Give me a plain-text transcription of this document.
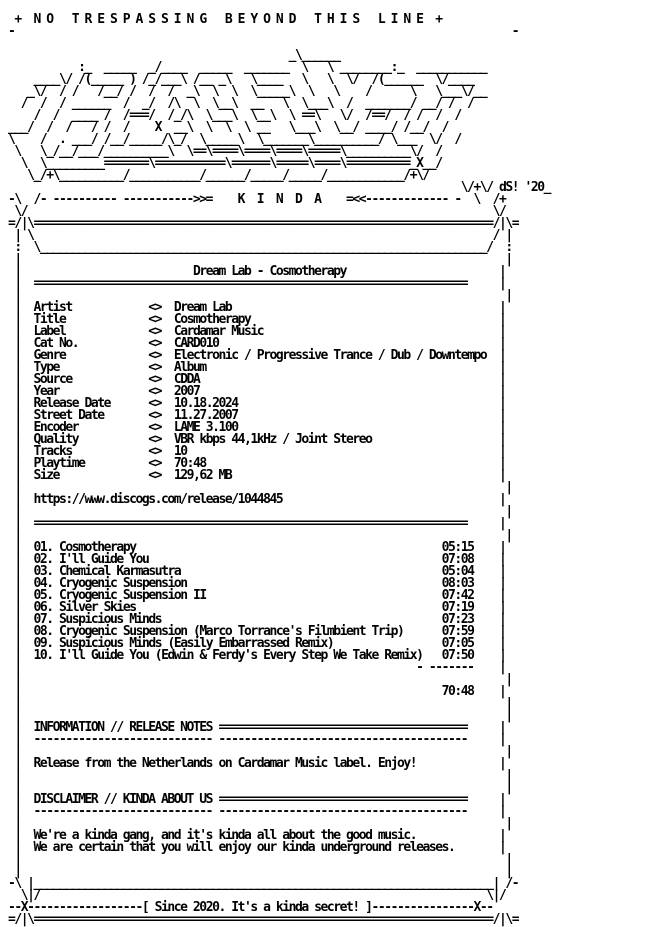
+  N O   T R E S P A S S I N G   B E Y O N D   T H I S   L I N E  +
-                                                                              -

_\______
:_  _____  _/____  _____  _______  \   \ ________:_  ___________
____\/ /(_____ ) /_/___\ /__ _\   \____   \   \  \/  /(______  \/____
_\/  / /   /__/ /  /  /  _\  \  \  \_____\  \   \    /      \   \___\/__
/  /  / ______  /  _/  /\  \  \__\  __   \  \___\  /  _______/ __/ /  /
/  /  ____ /  /===/  /_/\  \___\  \__\  \ ==\   \/  /==/  / /  /  /
___/  /  /   / /  /    X  __\  \  \  \ __   \___\  \__/ ____/ /__/  /
\    /  . ___/ /__/_____/\_/  \_____\  \_______\__________/ \___  \/  /
\   \_/__/___/__________\  \==\====\====\====\=====\__________\/  /
\  \_________=======\===========\======\=====\====\==========_X__/
\_/+\__________/___________/______/_____/_____/____________/+\/
\/+\/ dS! '20_
-\  /- ---------- ----------->>=    K  I  N  D  A    =<<------------- -  \  /+
\/                                                                         \/
=/|\========================================================================/|\=
| \                                                                        / |
:  \______________________________________________________________________/  :
|                                                                            |
|                           Dream Lab - Cosmotherapy                        |
|  ====================================================================     |
|                                                                            |
|  Artist            <>  Dream Lab                                          |
|  Title             <>  Cosmotherapy                                       |
|  Label             <>  Cardamar Music                                     |
|  Cat No.           <>  CARD010                                            |
|  Genre             <>  Electronic / Progressive Trance / Dub / Downtempo  |
|  Type              <>  Album                                              |
|  Source            <>  CDDA                                               |
|  Year              <>  2007                                               |
|  Release Date      <>  10.18.2024                                         |
|  Street Date       <>  11.27.2007                                         |
|  Encoder           <>  LAME 3.100                                         |
|  Quality           <>  VBR kbps 44,1kHz / Joint Stereo                    |
|  Tracks            <>  10                                                 |
|  Playtime          <>  70:48                                              |
|  Size              <>  129,62 MB                                          |
|                                                                            |
|  https://www.discogs.com/release/1044845                                  |
|                                                                            |
|  ====================================================================     |
|                                                                            |
|  01. Cosmotherapy	05:15    |
|  02. I'll Guide You	07:08    |
|  03. Chemical Karmasutra	05:04    |
|  04. Cryogenic Suspension	08:03    |
|  05. Cryogenic Suspension II	07:42    |
|  06. Silver Skies	07:19    |
|  07. Suspicious Minds	07:23    |
|  08. Cryogenic Suspension (Marco Torrance's Filmbient Trip)	07:59    |
|  09. Suspicious Minds (Easily Embarrassed Remix)	07:05    |
|  10. I'll Guide You (Edwin & Ferdy's Every Step We Take Remix) 07:50    |
|                                                              - -------    |
|                                                                            |
|                                                                  70:48    |
|                                                                            |
|                                                                            |
|  INFORMATION // RELEASE NOTES =======================================     |
|  ---------------------------- ---------------------------------------     |
|                                                                            |
|  Release from the Netherlands on Cardamar Music label. Enjoy!             |
|                                                                            |
|                                                                            |
|  DISCLAIMER // KINDA ABOUT US =======================================     |
|  ---------------------------- ---------------------------------------     |
|                                                                            |
|  We're a kinda gang, and it's kinda all about the good music.             |
|  We are certain that you will enjoy our kinda underground releases.       |
|                                                                            |
|                                                                            |
-\ |________________________________________________________________________| /-
\|/                                                                      \|/
--X------------------[ Since 2020. It's a kinda secret! ]----------------X--
=/|\========================================================================/|\=
